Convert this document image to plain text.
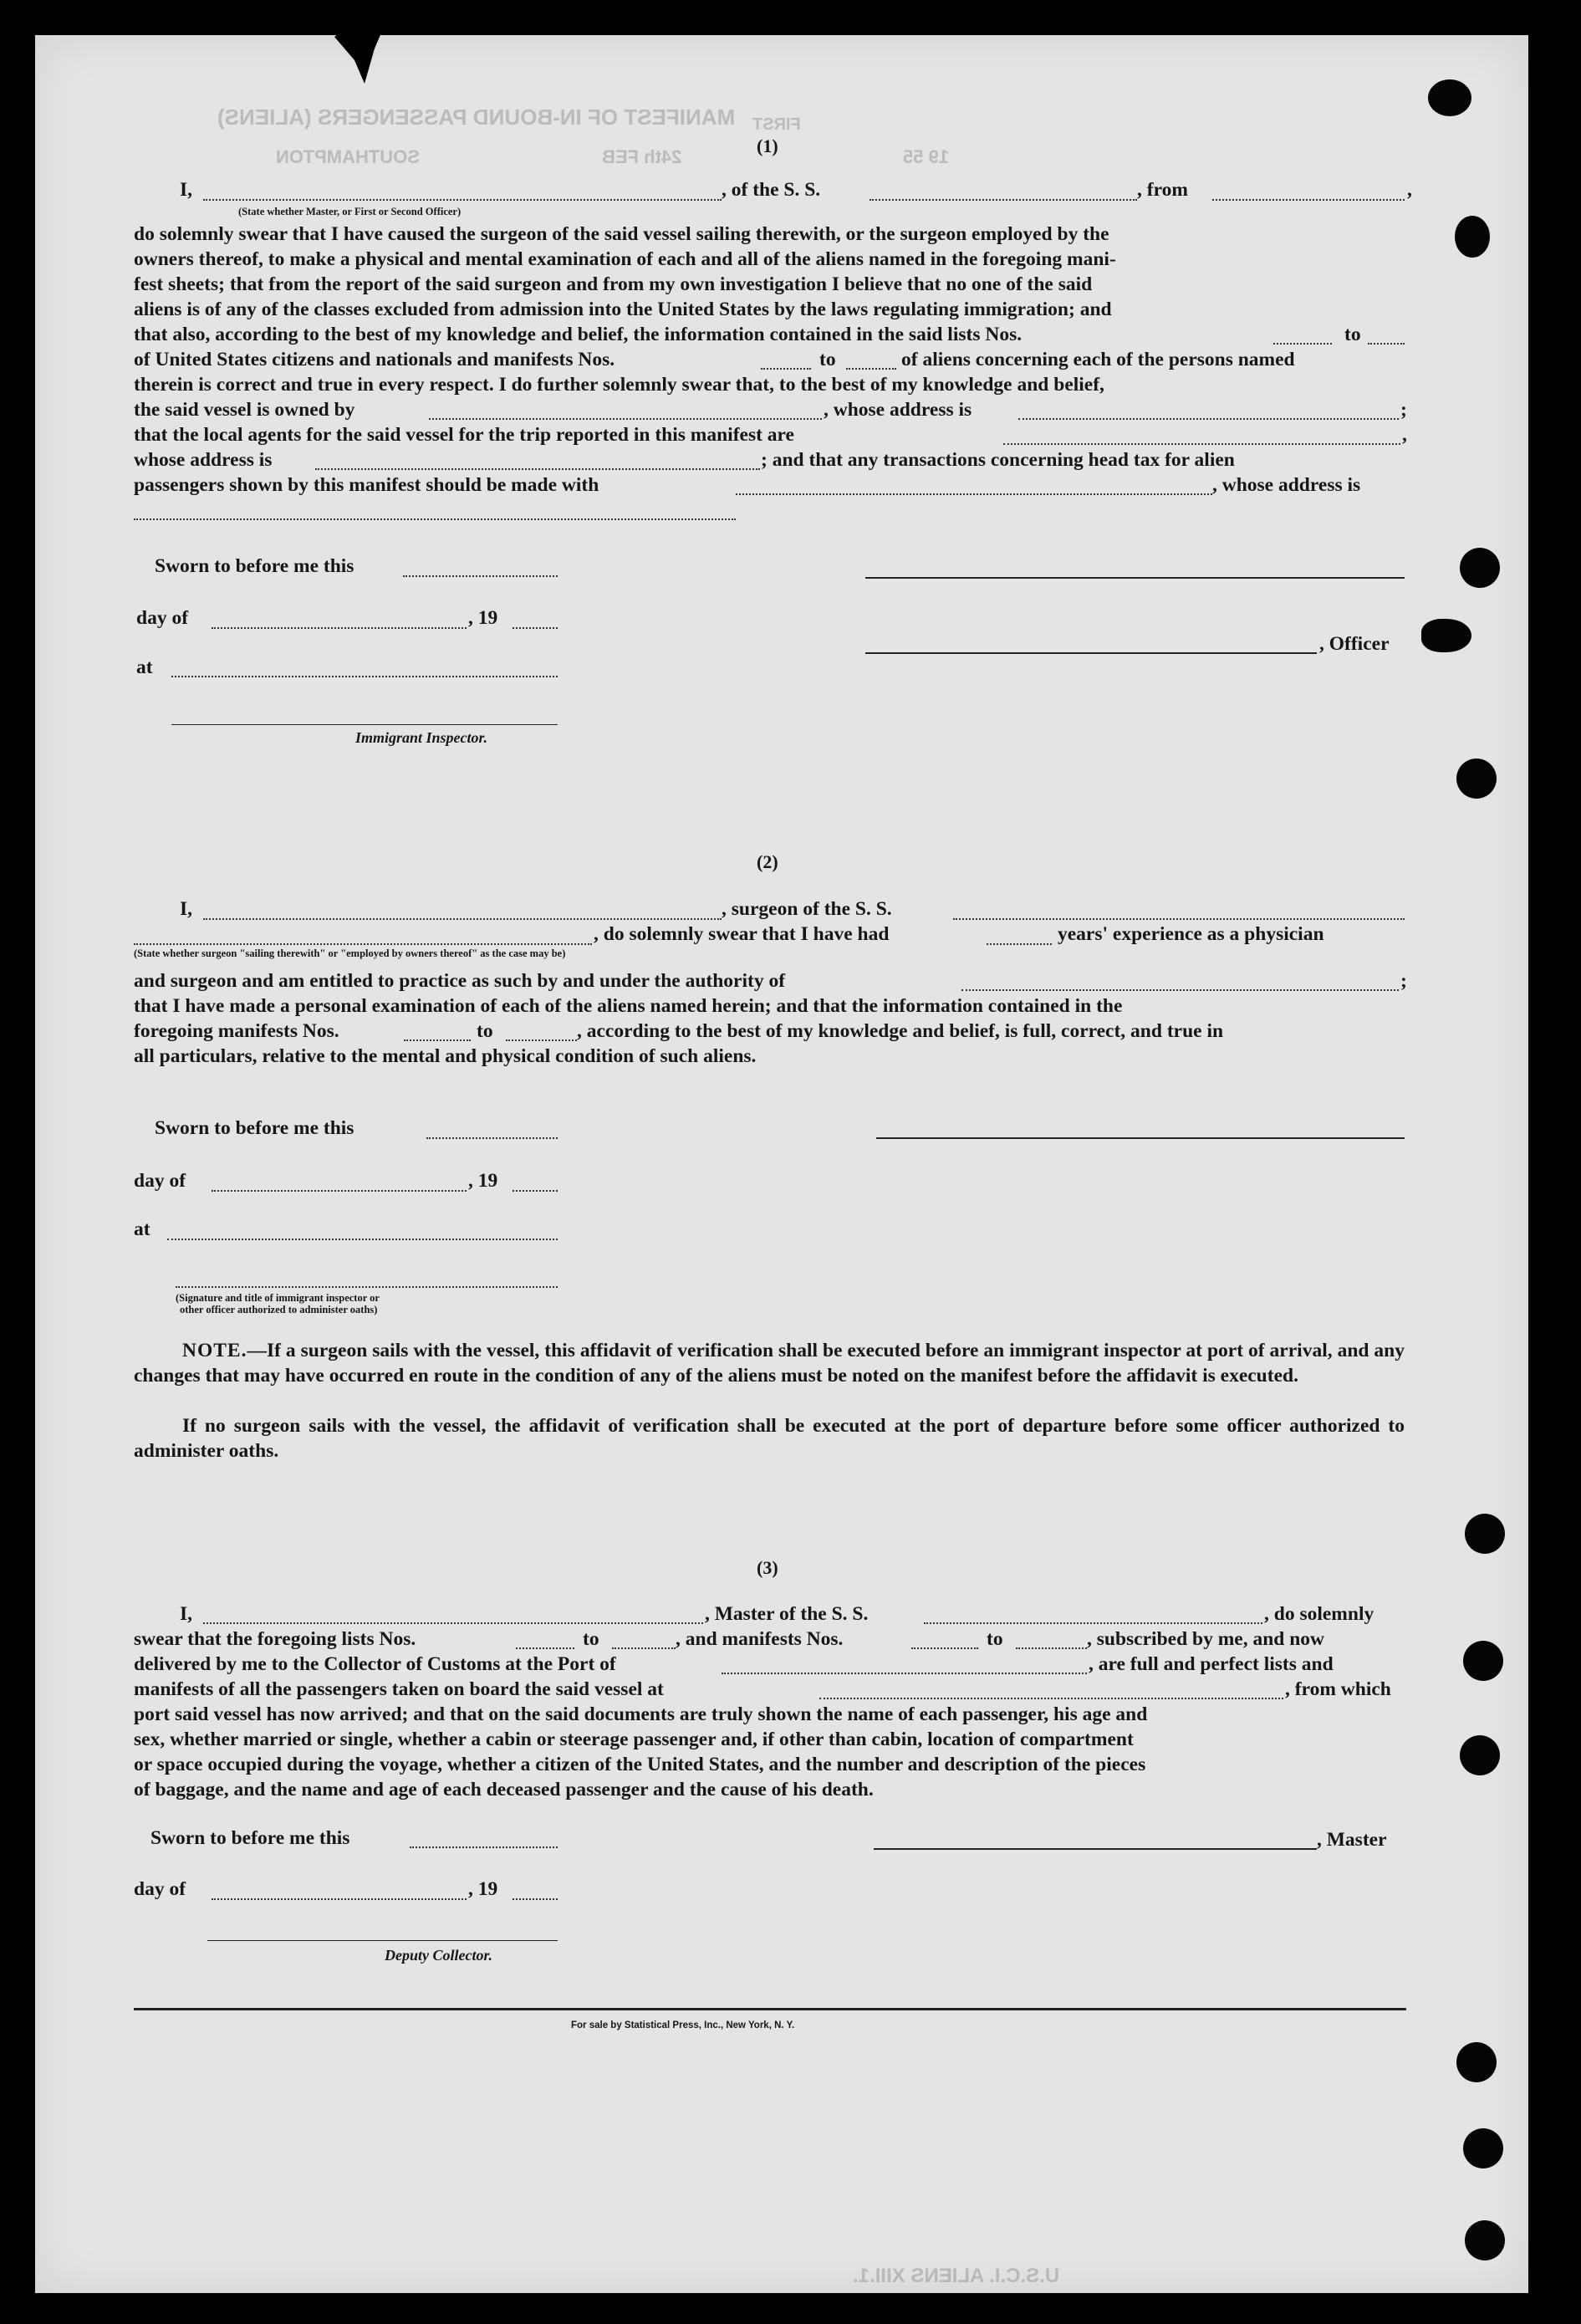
MANIFEST OF IN-BOUND PASSENGERS (ALIENS)
SOUTHAMPTON	24th FEB	19 55
FIRST
U.S.C.I. ALIENS XIII.1.
(1)
I,	, of the S. S.	, from	,
(State whether Master, or First or Second Officer)
do solemnly swear that I have caused the surgeon of the said vessel sailing therewith, or the surgeon employed by the
owners thereof, to make a physical and mental examination of each and all of the aliens named in the foregoing mani-
fest sheets; that from the report of the said surgeon and from my own investigation I believe that no one of the said
aliens is of any of the classes excluded from admission into the United States by the laws regulating immigration; and
that also, according to the best of my knowledge and belief, the information contained in the said lists Nos.	to
of United States citizens and nationals and manifests Nos.	to	of aliens concerning each of the persons named
therein is correct and true in every respect. I do further solemnly swear that, to the best of my knowledge and belief,
the said vessel is owned by	, whose address is	;
that the local agents for the said vessel for the trip reported in this manifest are	,
whose address is	; and that any transactions concerning head tax for alien
passengers shown by this manifest should be made with	, whose address is
Sworn to before me this
day of	, 19
, Officer
at
Immigrant Inspector.
(2)
I,	, surgeon of the S. S.
, do solemnly swear that I have had	years' experience as a physician
(State whether surgeon "sailing therewith" or "employed by owners thereof" as the case may be)
and surgeon and am entitled to practice as such by and under the authority of	;
that I have made a personal examination of each of the aliens named herein; and that the information contained in the
foregoing manifests Nos.	to	, according to the best of my knowledge and belief, is full, correct, and true in
all particulars, relative to the mental and physical condition of such aliens.
Sworn to before me this
day of	, 19
at
(Signature and title of immigrant inspector or
other officer authorized to administer oaths)
NOTE.—If a surgeon sails with the vessel, this affidavit of verification shall be executed before an immigrant inspector at port of arrival, and any changes that may have occurred en route in the condition of any of the aliens must be noted on the manifest before the affidavit is executed.
If no surgeon sails with the vessel, the affidavit of verification shall be executed at the port of departure before some officer authorized to administer oaths.
(3)
I,	, Master of the S. S.	, do solemnly
swear that the foregoing lists Nos.	to	, and manifests Nos.	to	, subscribed by me, and now
delivered by me to the Collector of Customs at the Port of	, are full and perfect lists and
manifests of all the passengers taken on board the said vessel at	, from which
port said vessel has now arrived; and that on the said documents are truly shown the name of each passenger, his age and
sex, whether married or single, whether a cabin or steerage passenger and, if other than cabin, location of compartment
or space occupied during the voyage, whether a citizen of the United States, and the number and description of the pieces
of baggage, and the name and age of each deceased passenger and the cause of his death.
Sworn to before me this	, Master
day of	, 19
Deputy Collector.
For sale by Statistical Press, Inc., New York, N. Y.
